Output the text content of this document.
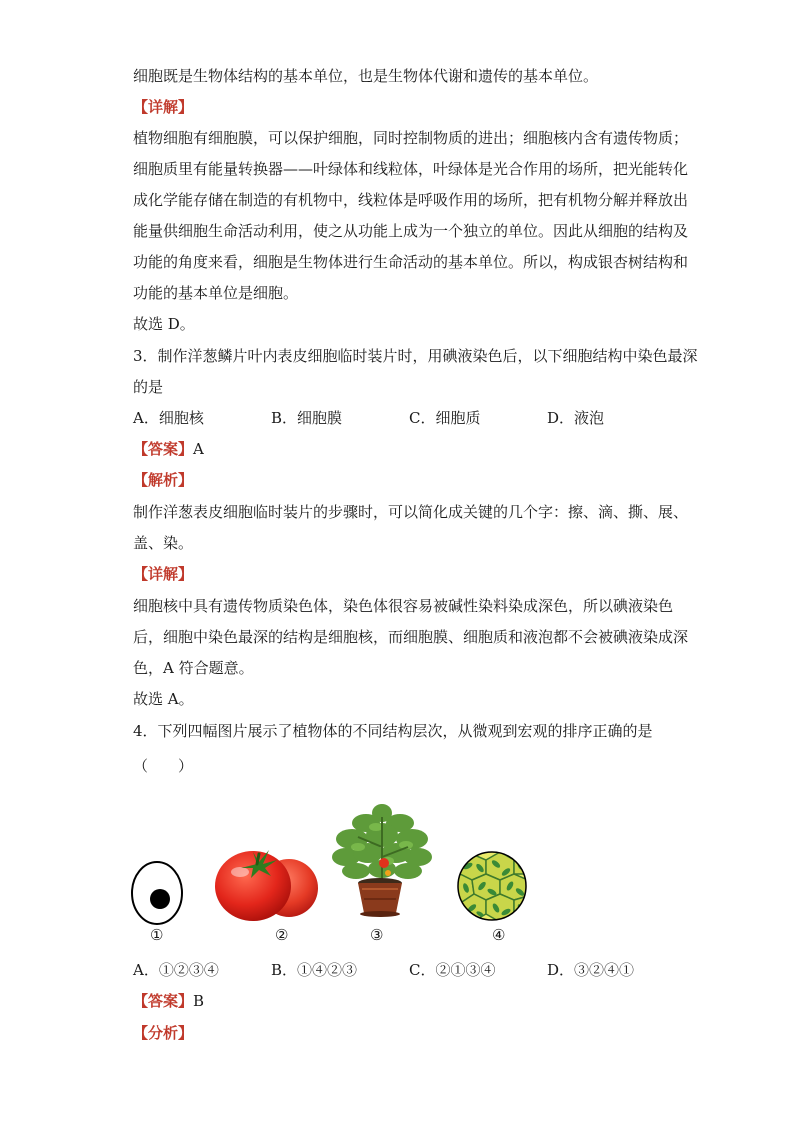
细胞既是生物体结构的基本单位，也是生物体代谢和遗传的基本单位。
【详解】
植物细胞有细胞膜，可以保护细胞，同时控制物质的进出；细胞核内含有遗传物质；
细胞质里有能量转换器——叶绿体和线粒体，叶绿体是光合作用的场所，把光能转化
成化学能存储在制造的有机物中，线粒体是呼吸作用的场所，把有机物分解并释放出
能量供细胞生命活动利用，使之从功能上成为一个独立的单位。因此从细胞的结构及
功能的角度来看，细胞是生物体进行生命活动的基本单位。所以，构成银杏树结构和
功能的基本单位是细胞。
故选 D。
3．制作洋葱鳞片叶内表皮细胞临时装片时，用碘液染色后，以下细胞结构中染色最深
的是
A．细胞核	B．细胞膜	C．细胞质	D．液泡
【答案】A
【解析】
制作洋葱表皮细胞临时装片的步骤时，可以简化成关键的几个字：擦、滴、撕、展、
盖、染。
【详解】
细胞核中具有遗传物质染色体，染色体很容易被碱性染料染成深色，所以碘液染色
后，细胞中染色最深的结构是细胞核，而细胞膜、细胞质和液泡都不会被碘液染成深
色，A 符合题意。
故选 A。
4．下列四幅图片展示了植物体的不同结构层次，从微观到宏观的排序正确的是
（　　）
①	②	③	④
A．①②③④	B．①④②③	C．②①③④	D．③②④①
【答案】B
【分析】
